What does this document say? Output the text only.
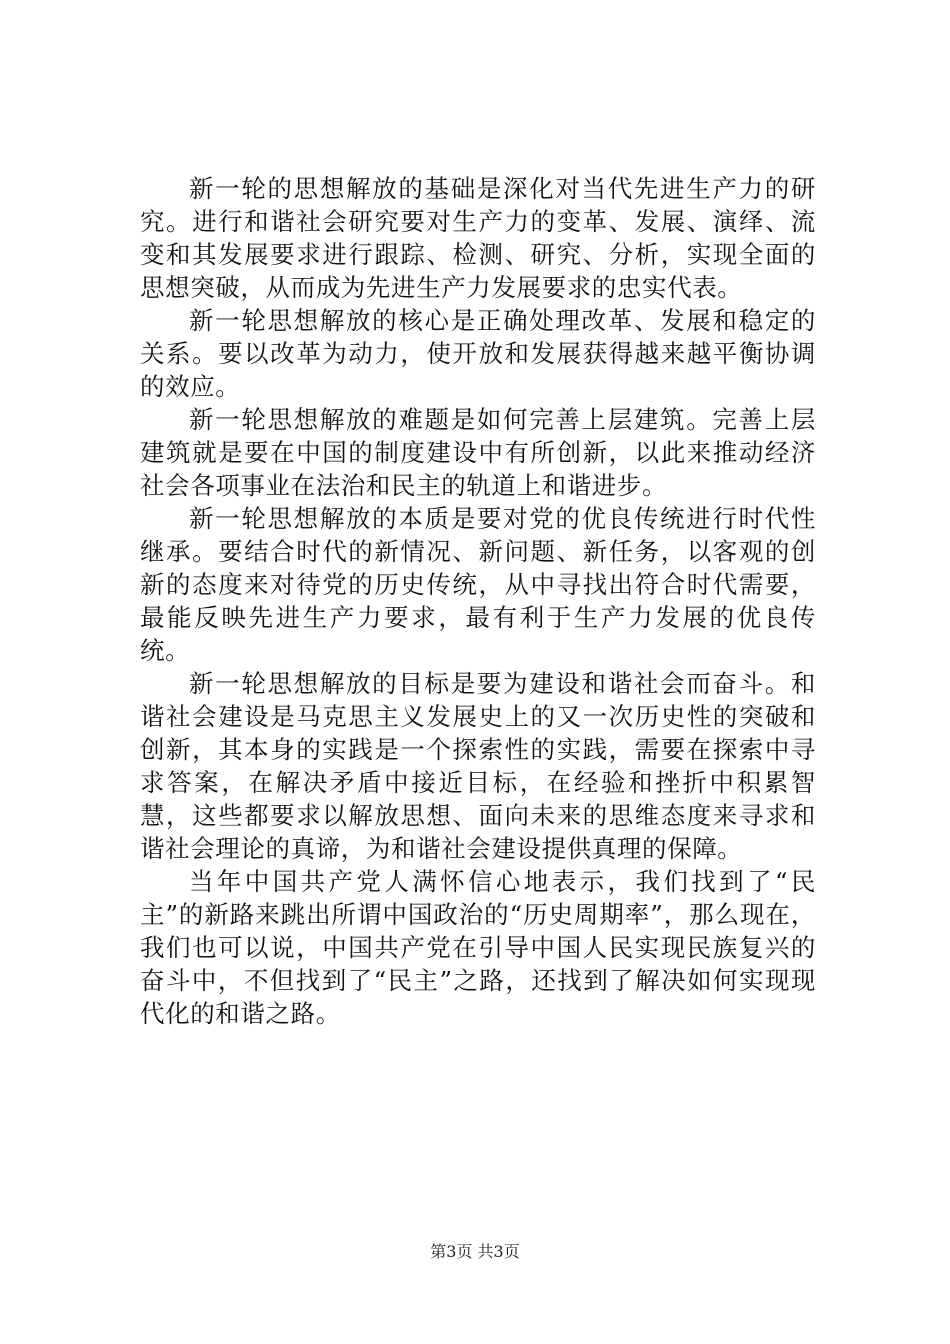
新一轮的思想解放的基础是深化对当代先进生产力的研究。进行和谐社会研究要对生产力的变革、发展、演绎、流变和其发展要求进行跟踪、检测、研究、分析，实现全面的思想突破，从而成为先进生产力发展要求的忠实代表。

新一轮思想解放的核心是正确处理改革、发展和稳定的关系。要以改革为动力，使开放和发展获得越来越平衡协调的效应。

新一轮思想解放的难题是如何完善上层建筑。完善上层建筑就是要在中国的制度建设中有所创新，以此来推动经济社会各项事业在法治和民主的轨道上和谐进步。

新一轮思想解放的本质是要对党的优良传统进行时代性继承。要结合时代的新情况、新问题、新任务，以客观的创新的态度来对待党的历史传统，从中寻找出符合时代需要，最能反映先进生产力要求，最有利于生产力发展的优良传统。

新一轮思想解放的目标是要为建设和谐社会而奋斗。和谐社会建设是马克思主义发展史上的又一次历史性的突破和创新，其本身的实践是一个探索性的实践，需要在探索中寻求答案，在解决矛盾中接近目标，在经验和挫折中积累智慧，这些都要求以解放思想、面向未来的思维态度来寻求和谐社会理论的真谛，为和谐社会建设提供真理的保障。

当年中国共产党人满怀信心地表示，我们找到了“民主”的新路来跳出所谓中国政治的“历史周期率”，那么现在，我们也可以说，中国共产党在引导中国人民实现民族复兴的奋斗中，不但找到了“民主”之路，还找到了解决如何实现现代化的和谐之路。

第3页 共3页
